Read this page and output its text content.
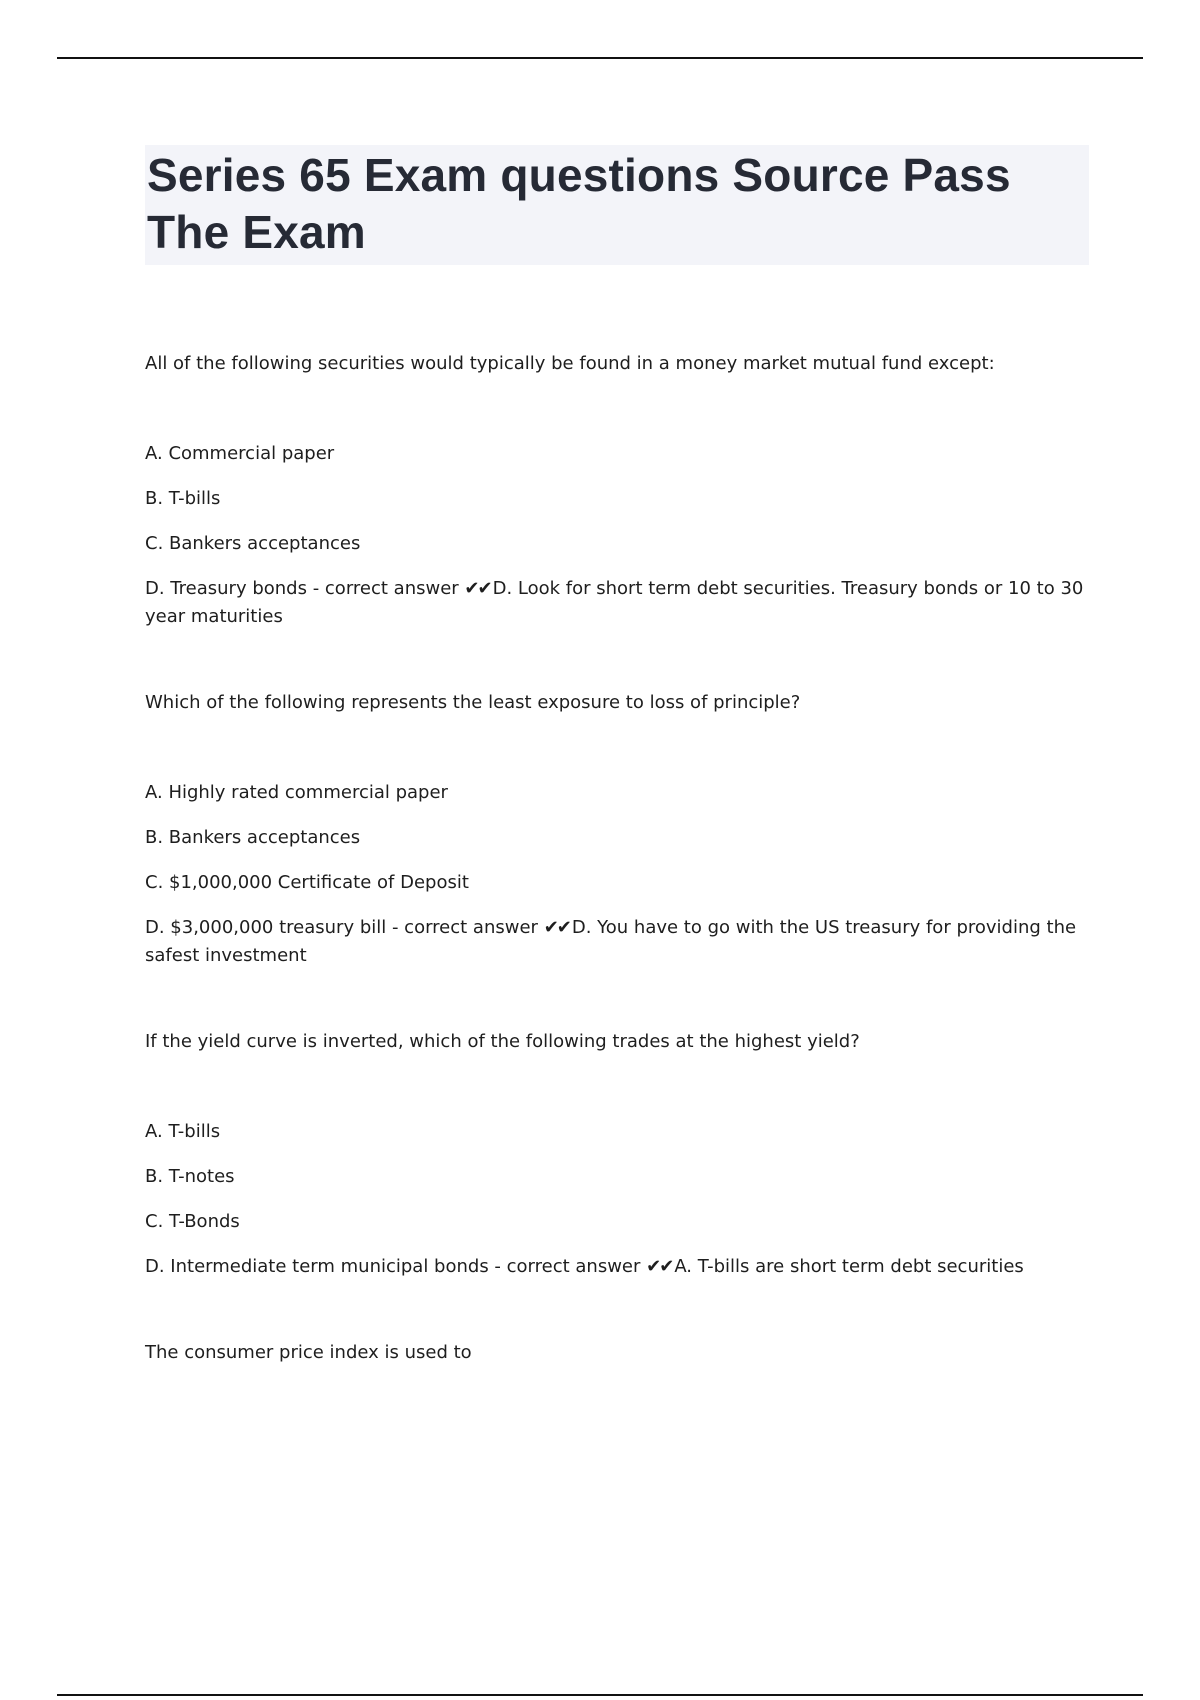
Series 65 Exam questions Source Pass The Exam

All of the following securities would typically be found in a money market mutual fund except:

A. Commercial paper

B. T-bills

C. Bankers acceptances

D. Treasury bonds - correct answer ✔✔ D. Look for short term debt securities. Treasury bonds or 10 to 30 year maturities

Which of the following represents the least exposure to loss of principle?

A. Highly rated commercial paper

B. Bankers acceptances

C. $1,000,000 Certificate of Deposit

D. $3,000,000 treasury bill - correct answer ✔✔ D. You have to go with the US treasury for providing the safest investment

If the yield curve is inverted, which of the following trades at the highest yield?

A. T-bills

B. T-notes

C. T-Bonds

D. Intermediate term municipal bonds - correct answer ✔✔ A. T-bills are short term debt securities

The consumer price index is used to
